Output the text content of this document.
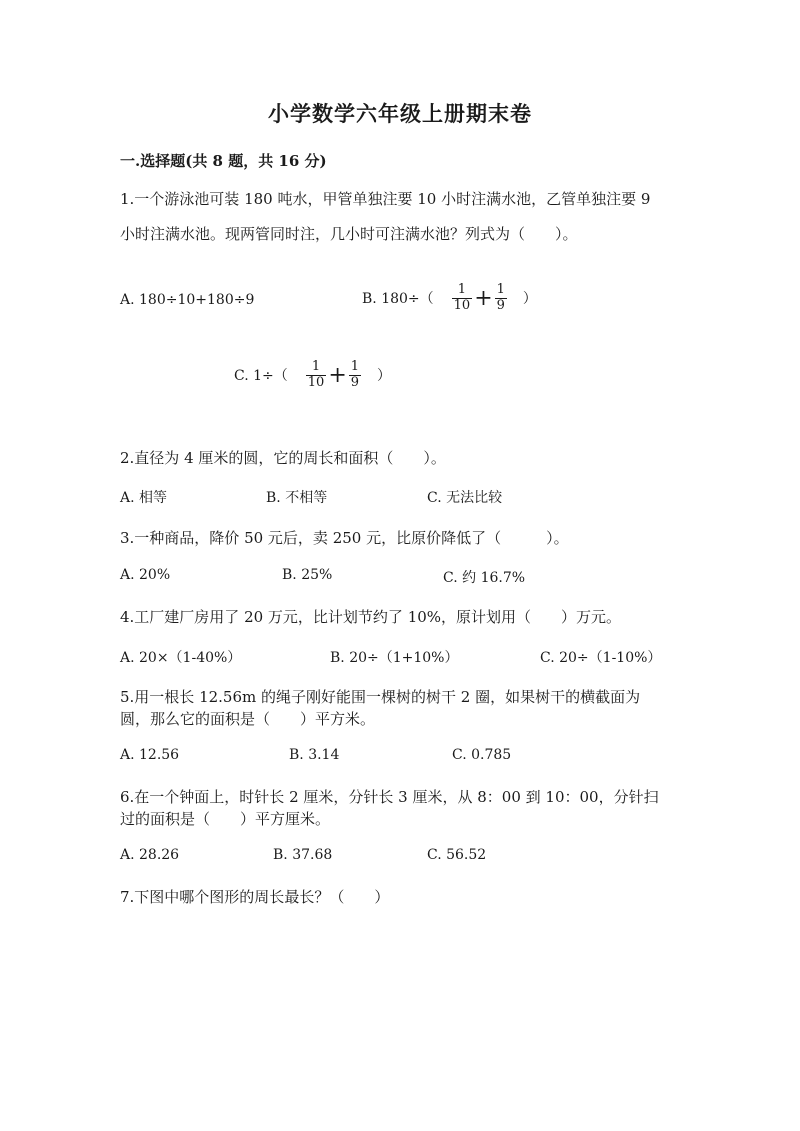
小学数学六年级上册期末卷
一.选择题(共 8 题，共 16 分)
1.一个游泳池可装 180 吨水，甲管单独注要 10 小时注满水池，乙管单独注要 9
小时注满水池。现两管同时注，几小时可注满水池？列式为（　　）。
A. 180÷10+180÷9	B. $180\div( \frac{1}{10} + \frac{1}{9}$ ）
C. $1\div( \frac{1}{10} + \frac{1}{9}$ ）
2.直径为 4 厘米的圆，它的周长和面积（　　）。
A. 相等	B. 不相等	C. 无法比较
3.一种商品，降价 50 元后，卖 250 元，比原价降低了（　　　）。
A. 20%	B. 25%	C. 约 16.7%
4.工厂建厂房用了 20 万元，比计划节约了 10%，原计划用（　　）万元。
A. 20×（1-40%）	B. 20÷（1+10%）	C. 20÷（1-10%）
5.用一根长 12.56m 的绳子刚好能围一棵树的树干 2 圈，如果树干的横截面为
圆，那么它的面积是（　　）平方米。
A. 12.56	B. 3.14	C. 0.785
6.在一个钟面上，时针长 2 厘米，分针长 3 厘米，从 8：00 到 10：00，分针扫
过的面积是（　　）平方厘米。
A. 28.26	B. 37.68	C. 56.52
7.下图中哪个图形的周长最长？（　　）
